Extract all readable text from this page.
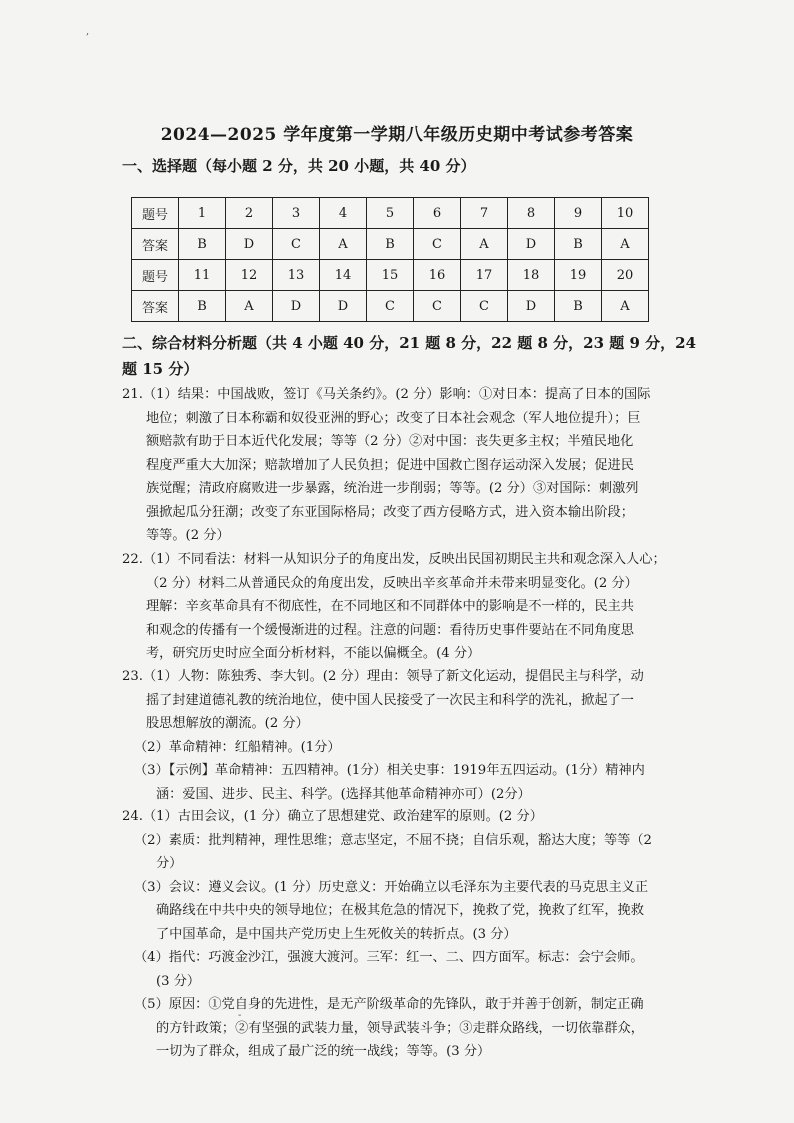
,
2024—2025 学年度第一学期八年级历史期中考试参考答案
一、选择题（每小题 2 分，共 20 小题，共 40 分）
题号	1	2	3	4	5	6	7	8	9	10
答案	B	D	C	A	B	C	A	D	B	A
题号	11	12	13	14	15	16	17	18	19	20
答案	B	A	D	D	C	C	C	D	B	A
二、综合材料分析题（共 4 小题 40 分，21 题 8 分，22 题 8 分，23 题 9 分，24
题 15 分）

21.（1）结果：中国战败，签订《马关条约》。(2 分）影响：①对日本：提高了日本的国际

地位；刺激了日本称霸和奴役亚洲的野心；改变了日本社会观念（军人地位提升）；巨

额赔款有助于日本近代化发展；等等（2 分）②对中国：丧失更多主权；半殖民地化

程度严重大大加深；赔款增加了人民负担；促进中国救亡图存运动深入发展；促进民

族觉醒；清政府腐败进一步暴露，统治进一步削弱；等等。(2 分）③对国际：刺激列

强掀起瓜分狂潮；改变了东亚国际格局；改变了西方侵略方式，进入资本输出阶段；

等等。(2 分）

22.（1）不同看法：材料一从知识分子的角度出发，反映出民国初期民主共和观念深入人心；

（2 分）材料二从普通民众的角度出发，反映出辛亥革命并未带来明显变化。(2 分）

理解：辛亥革命具有不彻底性，在不同地区和不同群体中的影响是不一样的，民主共

和观念的传播有一个缓慢渐进的过程。注意的问题：看待历史事件要站在不同角度思

考，研究历史时应全面分析材料，不能以偏概全。(4 分）

23.（1）人物：陈独秀、李大钊。(2 分）理由：领导了新文化运动，提倡民主与科学，动

摇了封建道德礼教的统治地位，使中国人民接受了一次民主和科学的洗礼，掀起了一

股思想解放的潮流。(2 分）

（2）革命精神：红船精神。(1分）

（3）【示例】革命精神：五四精神。(1分）相关史事：1919年五四运动。(1分）精神内

涵：爱国、进步、民主、科学。(选择其他革命精神亦可）(2分）

24.（1）古田会议，(1 分）确立了思想建党、政治建军的原则。(2 分）

（2）素质：批判精神，理性思维；意志坚定，不屈不挠；自信乐观，豁达大度；等等（2

分）

（3）会议：遵义会议。(1 分）历史意义：开始确立以毛泽东为主要代表的马克思主义正

确路线在中共中央的领导地位；在极其危急的情况下，挽救了党，挽救了红军，挽救

了中国革命，是中国共产党历史上生死攸关的转折点。(3 分）

（4）指代：巧渡金沙江，强渡大渡河。三军：红一、二、四方面军。标志：会宁会师。

(3 分）

（5）原因：①党自身的先进性，是无产阶级革命的先锋队，敢于并善于创新，制定正确

的方针政策；②有坚强的武装力量，领导武装斗争；③走群众路线，一切依靠群众，

一切为了群众，组成了最广泛的统一战线；等等。(3 分）

-
